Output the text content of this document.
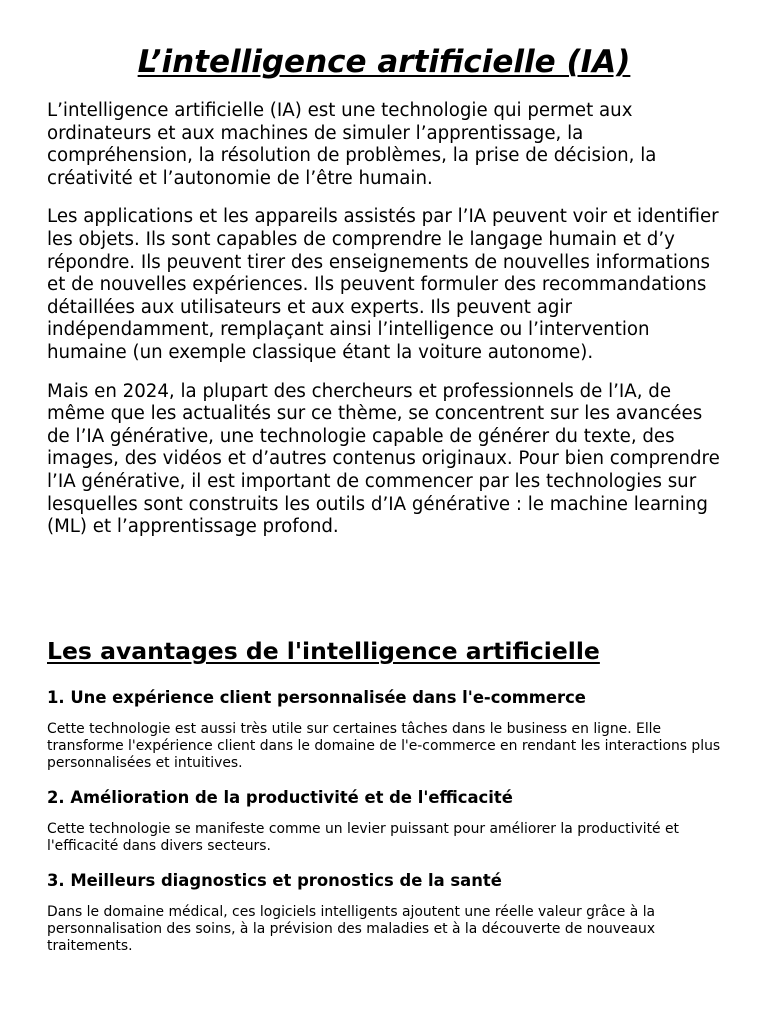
L’intelligence artificielle (IA)

L’intelligence artificielle (IA) est une technologie qui permet aux ordinateurs et aux machines de simuler l’apprentissage, la compréhension, la résolution de problèmes, la prise de décision, la créativité et l’autonomie de l’être humain.

Les applications et les appareils assistés par l’IA peuvent voir et identifier les objets. Ils sont capables de comprendre le langage humain et d’y répondre. Ils peuvent tirer des enseignements de nouvelles informations et de nouvelles expériences. Ils peuvent formuler des recommandations détaillées aux utilisateurs et aux experts. Ils peuvent agir indépendamment, remplaçant ainsi l’intelligence ou l’intervention humaine (un exemple classique étant la voiture autonome).

Mais en 2024, la plupart des chercheurs et professionnels de l’IA, de même que les actualités sur ce thème, se concentrent sur les avancées de l’IA générative, une technologie capable de générer du texte, des images, des vidéos et d’autres contenus originaux. Pour bien comprendre l’IA générative, il est important de commencer par les technologies sur lesquelles sont construits les outils d’IA générative : le machine learning (ML) et l’apprentissage profond.

Les avantages de l'intelligence artificielle
1. Une expérience client personnalisée dans l'e-commerce

Cette technologie est aussi très utile sur certaines tâches dans le business en ligne. Elle transforme l'expérience client dans le domaine de l'e-commerce en rendant les interactions plus personnalisées et intuitives.

2. Amélioration de la productivité et de l'efficacité

Cette technologie se manifeste comme un levier puissant pour améliorer la productivité et l'efficacité dans divers secteurs.

3. Meilleurs diagnostics et pronostics de la santé

Dans le domaine médical, ces logiciels intelligents ajoutent une réelle valeur grâce à la personnalisation des soins, à la prévision des maladies et à la découverte de nouveaux traitements.
